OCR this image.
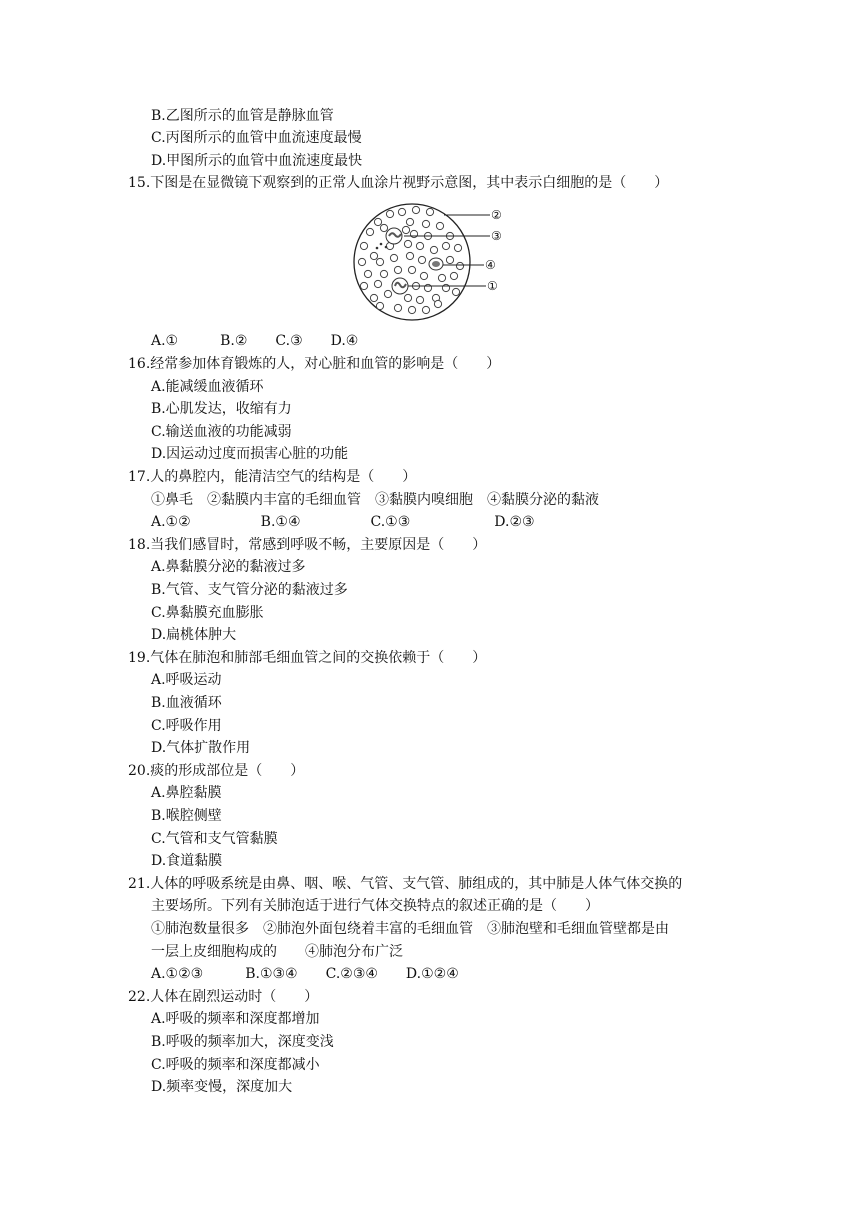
B.乙图所示的血管是静脉血管
C.丙图所示的血管中血流速度最慢
D.甲图所示的血管中血流速度最快
15.下图是在显微镜下观察到的正常人血涂片视野示意图，其中表示白细胞的是（　　）
②
③
④
①
A.①　　　B.②　　C.③　　D.④
16.经常参加体育锻炼的人，对心脏和血管的影响是（　　）
A.能减缓血液循环
B.心肌发达，收缩有力
C.输送血液的功能减弱
D.因运动过度而损害心脏的功能
17.人的鼻腔内，能清洁空气的结构是（　　）
①鼻毛　②黏膜内丰富的毛细血管　③黏膜内嗅细胞　④黏膜分泌的黏液
A.①②　　　　　B.①④　　　　　C.①③　　　　　　D.②③
18.当我们感冒时，常感到呼吸不畅，主要原因是（　　）
A.鼻黏膜分泌的黏液过多
B.气管、支气管分泌的黏液过多
C.鼻黏膜充血膨胀
D.扁桃体肿大
19.气体在肺泡和肺部毛细血管之间的交换依赖于（　　）
A.呼吸运动
B.血液循环
C.呼吸作用
D.气体扩散作用
20.痰的形成部位是（　　）
A.鼻腔黏膜
B.喉腔侧壁
C.气管和支气管黏膜
D.食道黏膜
21.人体的呼吸系统是由鼻、咽、喉、气管、支气管、肺组成的，其中肺是人体气体交换的
主要场所。下列有关肺泡适于进行气体交换特点的叙述正确的是（　　）
①肺泡数量很多　②肺泡外面包绕着丰富的毛细血管　③肺泡壁和毛细血管壁都是由
一层上皮细胞构成的　　④肺泡分布广泛
A.①②③　　　B.①③④　　C.②③④　　D.①②④
22.人体在剧烈运动时（　　）
A.呼吸的频率和深度都增加
B.呼吸的频率加大，深度变浅
C.呼吸的频率和深度都减小
D.频率变慢，深度加大
